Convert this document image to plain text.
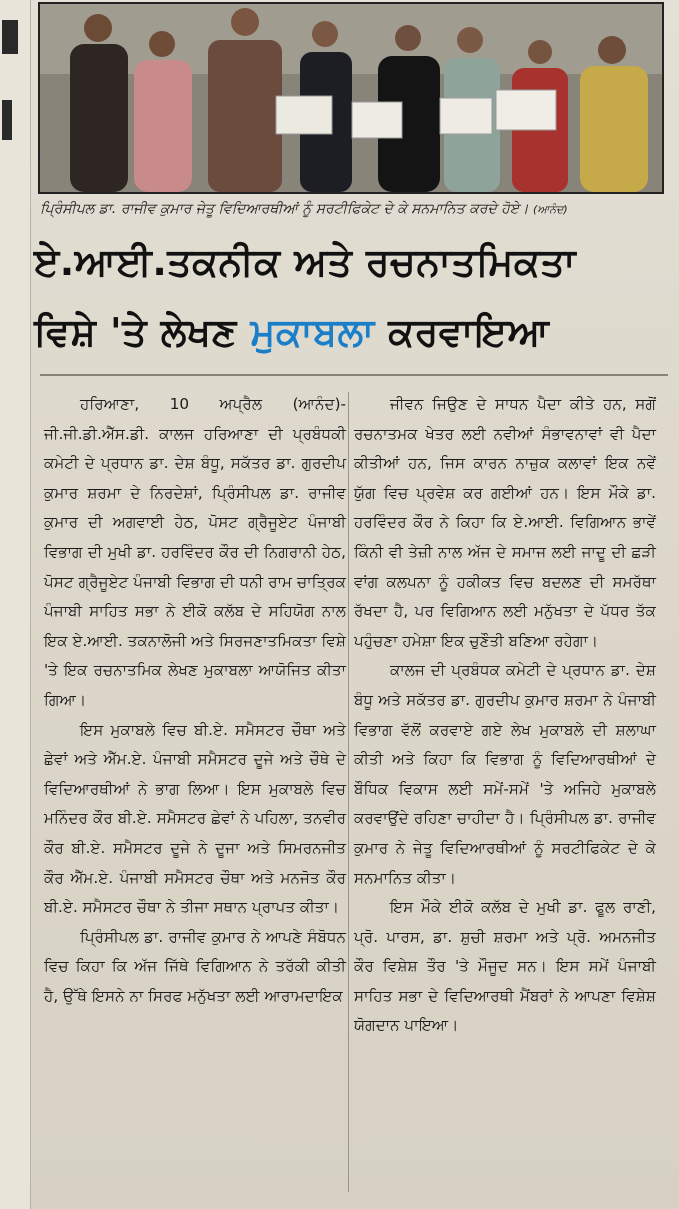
ਪ੍ਰਿੰਸੀਪਲ ਡਾ. ਰਾਜੀਵ ਕੁਮਾਰ ਜੇਤੂ ਵਿਦਿਆਰਥੀਆਂ ਨੂੰ ਸਰਟੀਫਿਕੇਟ ਦੇ ਕੇ ਸਨਮਾਨਿਤ ਕਰਦੇ ਹੋਏ। (ਆਨੰਦ)
ਏ.ਆਈ.ਤਕਨੀਕ ਅਤੇ ਰਚਨਾਤਮਿਕਤਾ
ਵਿਸ਼ੇ 'ਤੇ ਲੇਖਣ ਮੁਕਾਬਲਾ ਕਰਵਾਇਆ

ਹਰਿਆਣਾ, 10 ਅਪ੍ਰੈਲ (ਆਨੰਦ)- ਜੀ.ਜੀ.ਡੀ.ਐੱਸ.ਡੀ. ਕਾਲਜ ਹਰਿਆਣਾ ਦੀ ਪ੍ਰਬੰਧਕੀ ਕਮੇਟੀ ਦੇ ਪ੍ਰਧਾਨ ਡਾ. ਦੇਸ਼ ਬੰਧੂ, ਸਕੱਤਰ ਡਾ. ਗੁਰਦੀਪ ਕੁਮਾਰ ਸ਼ਰਮਾ ਦੇ ਨਿਰਦੇਸ਼ਾਂ, ਪ੍ਰਿੰਸੀਪਲ ਡਾ. ਰਾਜੀਵ ਕੁਮਾਰ ਦੀ ਅਗਵਾਈ ਹੇਠ, ਪੋਸਟ ਗ੍ਰੈਜੂਏਟ ਪੰਜਾਬੀ ਵਿਭਾਗ ਦੀ ਮੁਖੀ ਡਾ. ਹਰਵਿੰਦਰ ਕੌਰ ਦੀ ਨਿਗਰਾਨੀ ਹੇਠ, ਪੋਸਟ ਗ੍ਰੈਜੂਏਟ ਪੰਜਾਬੀ ਵਿਭਾਗ ਦੀ ਧਨੀ ਰਾਮ ਚਾਤ੍ਰਿਕ ਪੰਜਾਬੀ ਸਾਹਿਤ ਸਭਾ ਨੇ ਈਕੋ ਕਲੱਬ ਦੇ ਸਹਿਯੋਗ ਨਾਲ ਇਕ ਏ.ਆਈ. ਤਕਨਾਲੋਜੀ ਅਤੇ ਸਿਰਜਣਾਤਮਿਕਤਾ ਵਿਸ਼ੇ 'ਤੇ ਇਕ ਰਚਨਾਤਮਿਕ ਲੇਖਣ ਮੁਕਾਬਲਾ ਆਯੋਜਿਤ ਕੀਤਾ ਗਿਆ।

ਇਸ ਮੁਕਾਬਲੇ ਵਿਚ ਬੀ.ਏ. ਸਮੈਸਟਰ ਚੌਥਾ ਅਤੇ ਛੇਵਾਂ ਅਤੇ ਐੱਮ.ਏ. ਪੰਜਾਬੀ ਸਮੈਸਟਰ ਦੂਜੇ ਅਤੇ ਚੌਥੇ ਦੇ ਵਿਦਿਆਰਥੀਆਂ ਨੇ ਭਾਗ ਲਿਆ। ਇਸ ਮੁਕਾਬਲੇ ਵਿਚ ਮਨਿੰਦਰ ਕੌਰ ਬੀ.ਏ. ਸਮੈਸਟਰ ਛੇਵਾਂ ਨੇ ਪਹਿਲਾ, ਤਨਵੀਰ ਕੌਰ ਬੀ.ਏ. ਸਮੈਸਟਰ ਦੂਜੇ ਨੇ ਦੂਜਾ ਅਤੇ ਸਿਮਰਨਜੀਤ ਕੌਰ ਐੱਮ.ਏ. ਪੰਜਾਬੀ ਸਮੈਸਟਰ ਚੌਥਾ ਅਤੇ ਮਨਜੋਤ ਕੌਰ ਬੀ.ਏ. ਸਮੈਸਟਰ ਚੌਥਾ ਨੇ ਤੀਜਾ ਸਥਾਨ ਪ੍ਰਾਪਤ ਕੀਤਾ।

ਪ੍ਰਿੰਸੀਪਲ ਡਾ. ਰਾਜੀਵ ਕੁਮਾਰ ਨੇ ਆਪਣੇ ਸੰਬੋਧਨ ਵਿਚ ਕਿਹਾ ਕਿ ਅੱਜ ਜਿੱਥੇ ਵਿਗਿਆਨ ਨੇ ਤਰੱਕੀ ਕੀਤੀ ਹੈ, ਉੱਥੇ ਇਸਨੇ ਨਾ ਸਿਰਫ ਮਨੁੱਖਤਾ ਲਈ ਆਰਾਮਦਾਇਕ

ਜੀਵਨ ਜਿਉਣ ਦੇ ਸਾਧਨ ਪੈਦਾ ਕੀਤੇ ਹਨ, ਸਗੋਂ ਰਚਨਾਤਮਕ ਖੇਤਰ ਲਈ ਨਵੀਆਂ ਸੰਭਾਵਨਾਵਾਂ ਵੀ ਪੈਦਾ ਕੀਤੀਆਂ ਹਨ, ਜਿਸ ਕਾਰਨ ਨਾਜ਼ੁਕ ਕਲਾਵਾਂ ਇਕ ਨਵੇਂ ਯੁੱਗ ਵਿਚ ਪ੍ਰਵੇਸ਼ ਕਰ ਗਈਆਂ ਹਨ। ਇਸ ਮੌਕੇ ਡਾ. ਹਰਵਿੰਦਰ ਕੌਰ ਨੇ ਕਿਹਾ ਕਿ ਏ.ਆਈ. ਵਿਗਿਆਨ ਭਾਵੇਂ ਕਿੰਨੀ ਵੀ ਤੇਜ਼ੀ ਨਾਲ ਅੱਜ ਦੇ ਸਮਾਜ ਲਈ ਜਾਦੂ ਦੀ ਛੜੀ ਵਾਂਗ ਕਲਪਨਾ ਨੂੰ ਹਕੀਕਤ ਵਿਚ ਬਦਲਣ ਦੀ ਸਮਰੱਥਾ ਰੱਖਦਾ ਹੈ, ਪਰ ਵਿਗਿਆਨ ਲਈ ਮਨੁੱਖਤਾ ਦੇ ਪੱਧਰ ਤੱਕ ਪਹੁੰਚਣਾ ਹਮੇਸ਼ਾ ਇਕ ਚੁਣੌਤੀ ਬਣਿਆ ਰਹੇਗਾ।

ਕਾਲਜ ਦੀ ਪ੍ਰਬੰਧਕ ਕਮੇਟੀ ਦੇ ਪ੍ਰਧਾਨ ਡਾ. ਦੇਸ਼ ਬੰਧੂ ਅਤੇ ਸਕੱਤਰ ਡਾ. ਗੁਰਦੀਪ ਕੁਮਾਰ ਸ਼ਰਮਾ ਨੇ ਪੰਜਾਬੀ ਵਿਭਾਗ ਵੱਲੋਂ ਕਰਵਾਏ ਗਏ ਲੇਖ ਮੁਕਾਬਲੇ ਦੀ ਸ਼ਲਾਘਾ ਕੀਤੀ ਅਤੇ ਕਿਹਾ ਕਿ ਵਿਭਾਗ ਨੂੰ ਵਿਦਿਆਰਥੀਆਂ ਦੇ ਬੌਧਿਕ ਵਿਕਾਸ ਲਈ ਸਮੇਂ-ਸਮੇਂ 'ਤੇ ਅਜਿਹੇ ਮੁਕਾਬਲੇ ਕਰਵਾਉਂਦੇ ਰਹਿਣਾ ਚਾਹੀਦਾ ਹੈ। ਪ੍ਰਿੰਸੀਪਲ ਡਾ. ਰਾਜੀਵ ਕੁਮਾਰ ਨੇ ਜੇਤੂ ਵਿਦਿਆਰਥੀਆਂ ਨੂੰ ਸਰਟੀਫਿਕੇਟ ਦੇ ਕੇ ਸਨਮਾਨਿਤ ਕੀਤਾ।

ਇਸ ਮੌਕੇ ਈਕੋ ਕਲੱਬ ਦੇ ਮੁਖੀ ਡਾ. ਫੂਲ ਰਾਣੀ, ਪ੍ਰੋ. ਪਾਰਸ, ਡਾ. ਸ਼ੁਚੀ ਸ਼ਰਮਾ ਅਤੇ ਪ੍ਰੋ. ਅਮਨਜੀਤ ਕੌਰ ਵਿਸ਼ੇਸ਼ ਤੌਰ 'ਤੇ ਮੌਜੂਦ ਸਨ। ਇਸ ਸਮੇਂ ਪੰਜਾਬੀ ਸਾਹਿਤ ਸਭਾ ਦੇ ਵਿਦਿਆਰਥੀ ਮੈਂਬਰਾਂ ਨੇ ਆਪਣਾ ਵਿਸ਼ੇਸ਼ ਯੋਗਦਾਨ ਪਾਇਆ।
